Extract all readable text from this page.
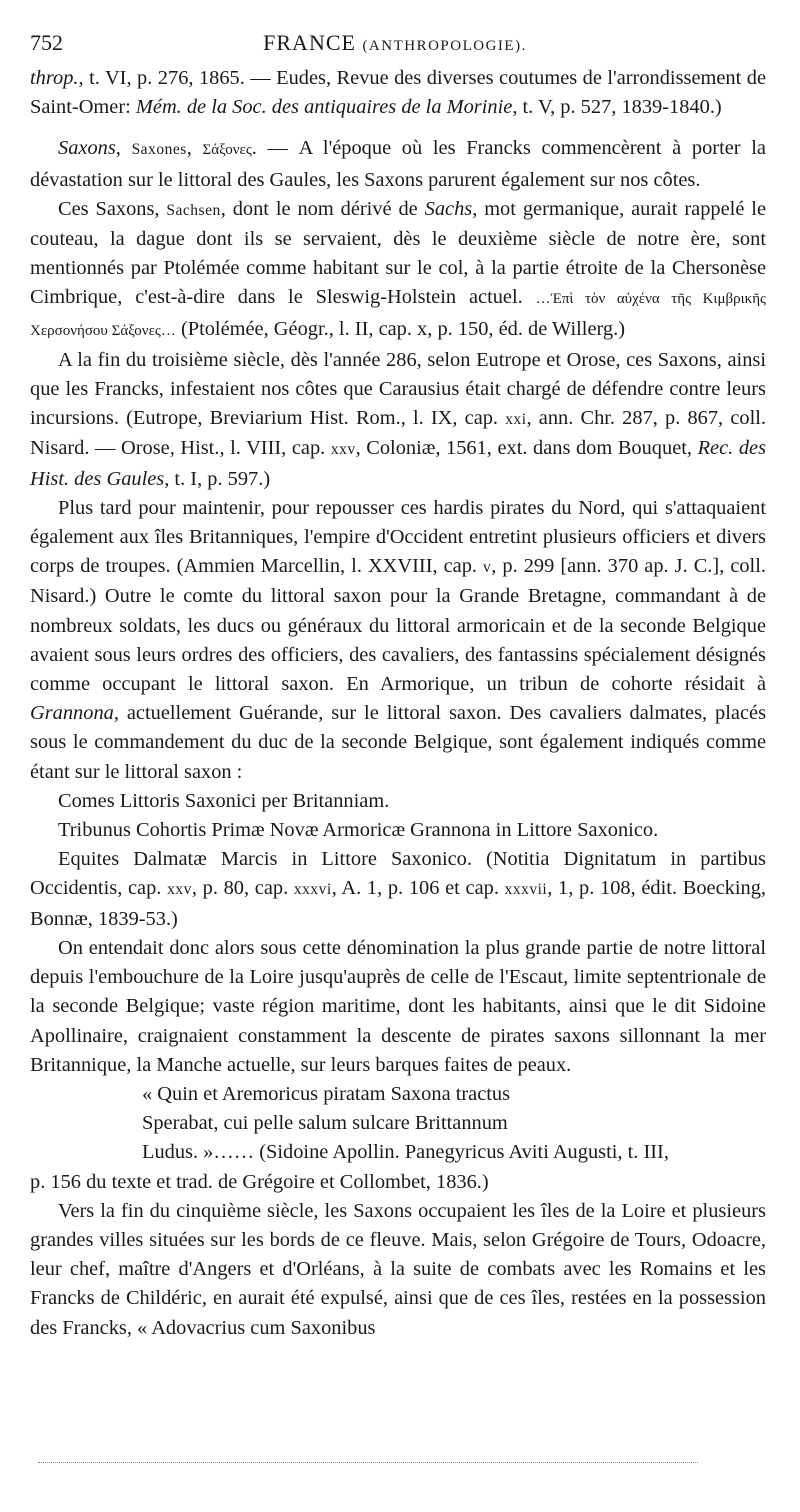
752	FRANCE (ANTHROPOLOGIE).

throp., t. VI, p. 276, 1865. — Eudes, Revue des diverses coutumes de l'arrondissement de Saint-Omer: Mém. de la Soc. des antiquaires de la Morinie, t. V, p. 527, 1839-1840.)

Saxons, Saxones, Σάξονες. — A l'époque où les Francks commencèrent à porter la dévastation sur le littoral des Gaules, les Saxons parurent également sur nos côtes.

Ces Saxons, Sachsen, dont le nom dérivé de Sachs, mot germanique, aurait rappelé le couteau, la dague dont ils se servaient, dès le deuxième siècle de notre ère, sont mentionnés par Ptolémée comme habitant sur le col, à la partie étroite de la Chersonèse Cimbrique, c'est-à-dire dans le Sleswig-Holstein actuel. …Ἐπὶ τὸν αὐχένα τῆς Κιμβρικῆς Χερσονήσου Σάξονες… (Ptolémée, Géogr., l. II, cap. x, p. 150, éd. de Willerg.)

A la fin du troisième siècle, dès l'année 286, selon Eutrope et Orose, ces Saxons, ainsi que les Francks, infestaient nos côtes que Carausius était chargé de défendre contre leurs incursions. (Eutrope, Breviarium Hist. Rom., l. IX, cap. xxi, ann. Chr. 287, p. 867, coll. Nisard. — Orose, Hist., l. VIII, cap. xxv, Coloniæ, 1561, ext. dans dom Bouquet, Rec. des Hist. des Gaules, t. I, p. 597.)

Plus tard pour maintenir, pour repousser ces hardis pirates du Nord, qui s'attaquaient également aux îles Britanniques, l'empire d'Occident entretint plusieurs officiers et divers corps de troupes. (Ammien Marcellin, l. XXVIII, cap. v, p. 299 [ann. 370 ap. J. C.], coll. Nisard.) Outre le comte du littoral saxon pour la Grande Bretagne, commandant à de nombreux soldats, les ducs ou généraux du littoral armoricain et de la seconde Belgique avaient sous leurs ordres des officiers, des cavaliers, des fantassins spécialement désignés comme occupant le littoral saxon. En Armorique, un tribun de cohorte résidait à Grannona, actuellement Guérande, sur le littoral saxon. Des cavaliers dalmates, placés sous le commandement du duc de la seconde Belgique, sont également indiqués comme étant sur le littoral saxon :

Comes Littoris Saxonici per Britanniam.

Tribunus Cohortis Primæ Novæ Armoricæ Grannona in Littore Saxonico.

Equites Dalmatæ Marcis in Littore Saxonico. (Notitia Dignitatum in partibus Occidentis, cap. xxv, p. 80, cap. xxxvi, A. 1, p. 106 et cap. xxxvii, 1, p. 108, édit. Boecking, Bonnæ, 1839-53.)

On entendait donc alors sous cette dénomination la plus grande partie de notre littoral depuis l'embouchure de la Loire jusqu'auprès de celle de l'Escaut, limite septentrionale de la seconde Belgique; vaste région maritime, dont les habitants, ainsi que le dit Sidoine Apollinaire, craignaient constamment la descente de pirates saxons sillonnant la mer Britannique, la Manche actuelle, sur leurs barques faites de peaux.

« Quin et Aremoricus piratam Saxona tractus

Sperabat, cui pelle salum sulcare Brittannum

Ludus. »…… (Sidoine Apollin. Panegyricus Aviti Augusti, t. III,

p. 156 du texte et trad. de Grégoire et Collombet, 1836.)

Vers la fin du cinquième siècle, les Saxons occupaient les îles de la Loire et plusieurs grandes villes situées sur les bords de ce fleuve. Mais, selon Grégoire de Tours, Odoacre, leur chef, maître d'Angers et d'Orléans, à la suite de combats avec les Romains et les Francks de Childéric, en aurait été expulsé, ainsi que de ces îles, restées en la possession des Francks, « Adovacrius cum Saxonibus
